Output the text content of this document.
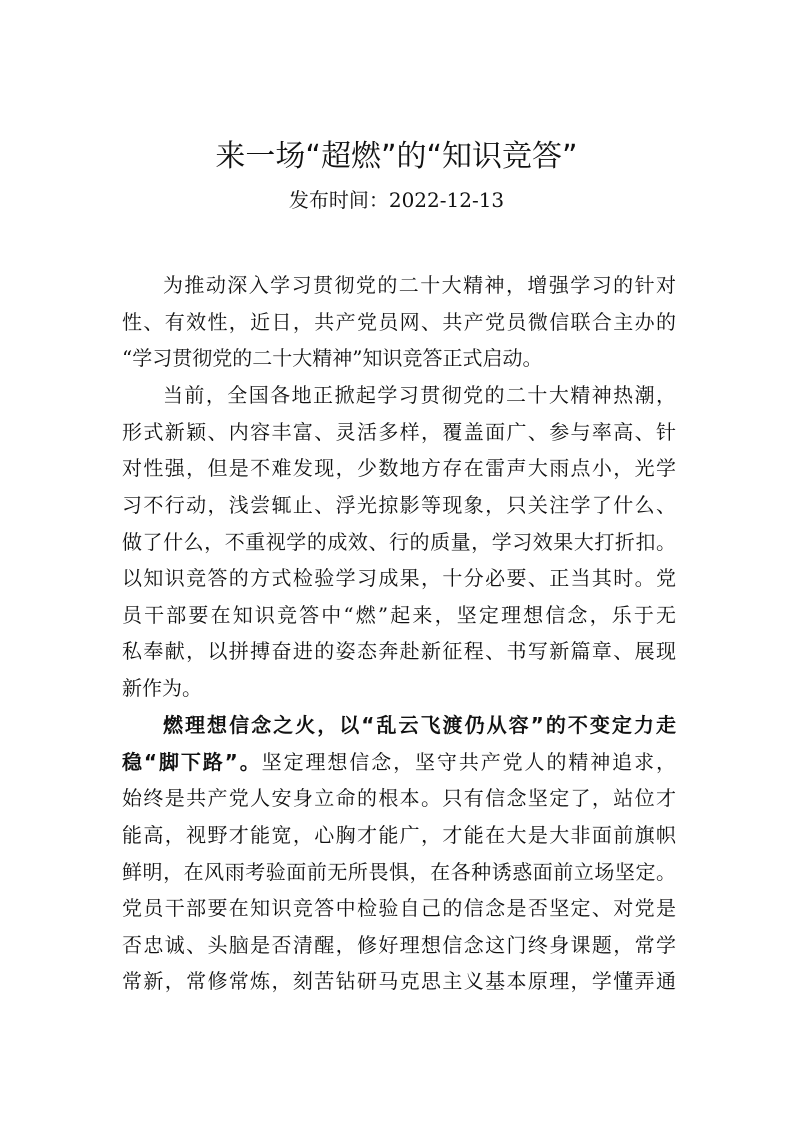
来一场“超燃”的“知识竞答”
发布时间：2022-12-13
为推动深入学习贯彻党的二十大精神，增强学习的针对
性、有效性，近日，共产党员网、共产党员微信联合主办的
“学习贯彻党的二十大精神”知识竞答正式启动。
当前，全国各地正掀起学习贯彻党的二十大精神热潮，
形式新颖、内容丰富、灵活多样，覆盖面广、参与率高、针
对性强，但是不难发现，少数地方存在雷声大雨点小，光学
习不行动，浅尝辄止、浮光掠影等现象，只关注学了什么、
做了什么，不重视学的成效、行的质量，学习效果大打折扣。
以知识竞答的方式检验学习成果，十分必要、正当其时。党
员干部要在知识竞答中“燃”起来，坚定理想信念，乐于无
私奉献，以拼搏奋进的姿态奔赴新征程、书写新篇章、展现
新作为。
燃理想信念之火，以“乱云飞渡仍从容”的不变定力走
稳“脚下路”。坚定理想信念，坚守共产党人的精神追求，
始终是共产党人安身立命的根本。只有信念坚定了，站位才
能高，视野才能宽，心胸才能广，才能在大是大非面前旗帜
鲜明，在风雨考验面前无所畏惧，在各种诱惑面前立场坚定。
党员干部要在知识竞答中检验自己的信念是否坚定、对党是
否忠诚、头脑是否清醒，修好理想信念这门终身课题，常学
常新，常修常炼，刻苦钻研马克思主义基本原理，学懂弄通
